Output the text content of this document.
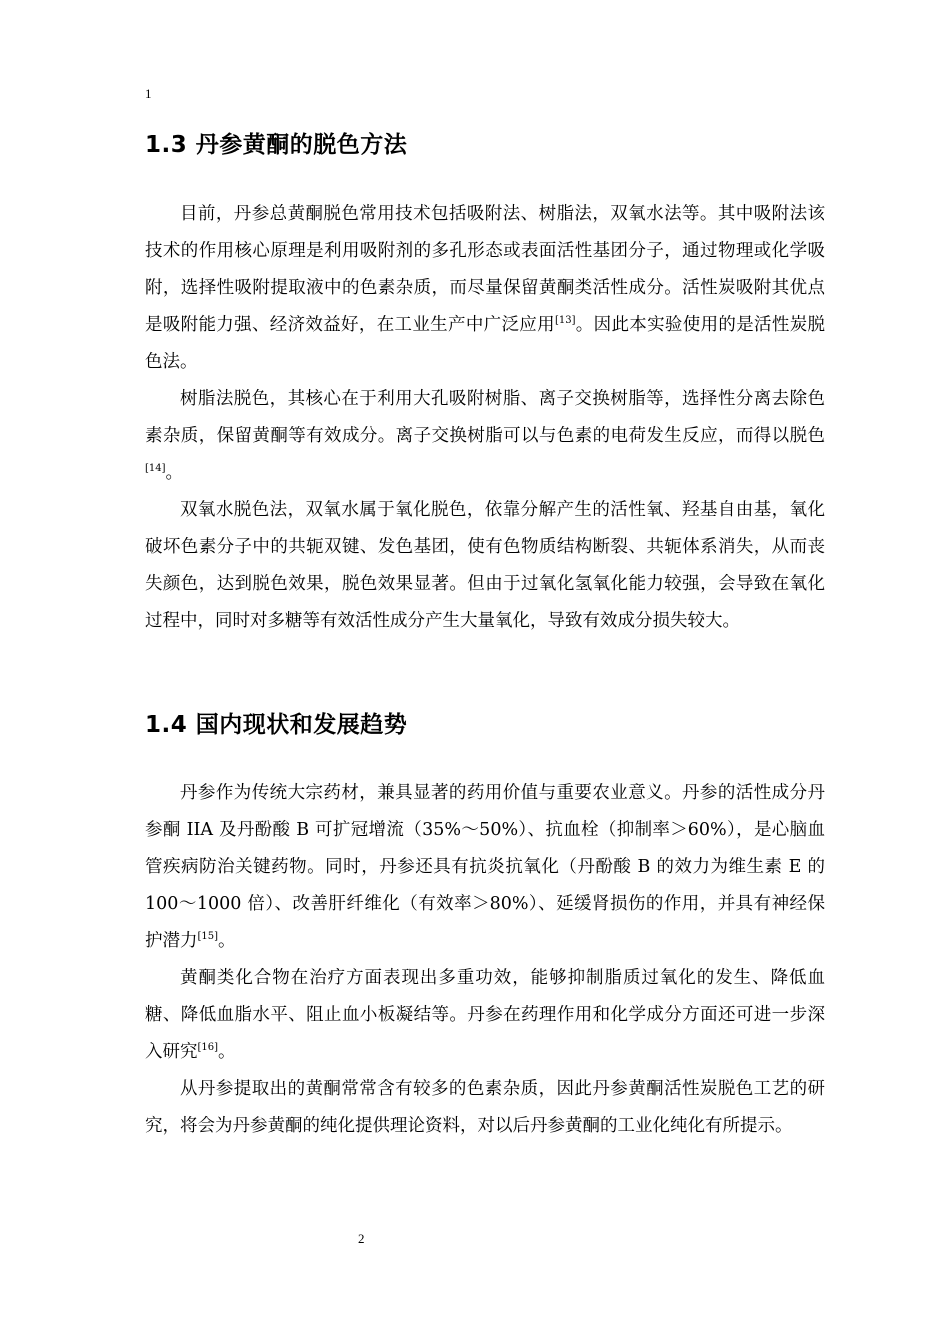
1
1.3 丹参黄酮的脱色方法

目前，丹参总黄酮脱色常用技术包括吸附法、树脂法，双氧水法等。其中吸附法该技术的作用核心原理是利用吸附剂的多孔形态或表面活性基团分子，通过物理或化学吸附，选择性吸附提取液中的色素杂质，而尽量保留黄酮类活性成分。活性炭吸附其优点是吸附能力强、经济效益好，在工业生产中广泛应用[13]。因此本实验使用的是活性炭脱色法。

树脂法脱色，其核心在于利用大孔吸附树脂、离子交换树脂等，选择性分离去除色素杂质，保留黄酮等有效成分。离子交换树脂可以与色素的电荷发生反应，而得以脱色[14]。

双氧水脱色法，双氧水属于氧化脱色，依靠分解产生的活性氧、羟基自由基，氧化破坏色素分子中的共轭双键、发色基团，使有色物质结构断裂、共轭体系消失，从而丧失颜色，达到脱色效果，脱色效果显著。但由于过氧化氢氧化能力较强，会导致在氧化过程中，同时对多糖等有效活性成分产生大量氧化，导致有效成分损失较大。

1.4 国内现状和发展趋势

丹参作为传统大宗药材，兼具显著的药用价值与重要农业意义。丹参的活性成分丹参酮 IIA 及丹酚酸 B 可扩冠增流（35%～50%）、抗血栓（抑制率＞60%），是心脑血管疾病防治关键药物。同时，丹参还具有抗炎抗氧化（丹酚酸 B 的效力为维生素 E 的 100～1000 倍）、改善肝纤维化（有效率＞80%）、延缓肾损伤的作用，并具有神经保护潜力[15]。

黄酮类化合物在治疗方面表现出多重功效，能够抑制脂质过氧化的发生、降低血糖、降低血脂水平、阻止血小板凝结等。丹参在药理作用和化学成分方面还可进一步深入研究[16]。

从丹参提取出的黄酮常常含有较多的色素杂质，因此丹参黄酮活性炭脱色工艺的研究，将会为丹参黄酮的纯化提供理论资料，对以后丹参黄酮的工业化纯化有所提示。

2
